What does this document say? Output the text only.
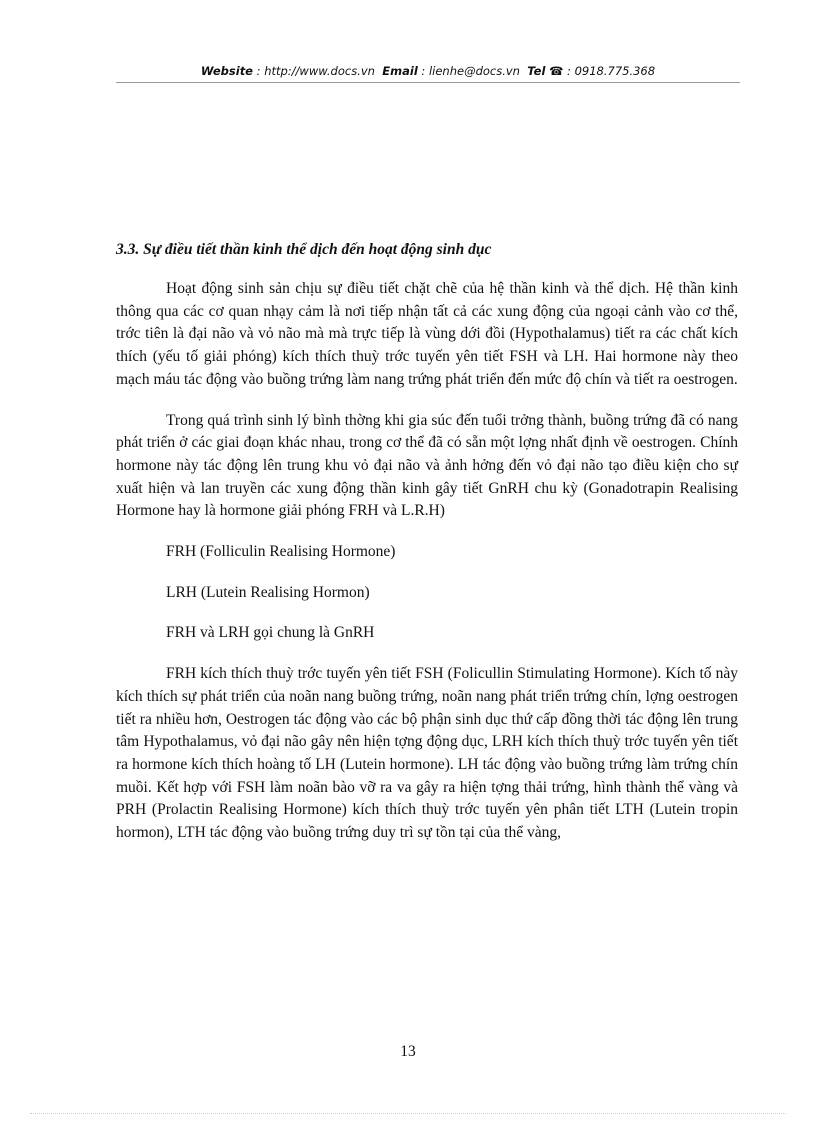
Website : http://www.docs.vn Email : lienhe@docs.vn Tel ☎ : 0918.775.368
3.3. Sự điều tiết thần kinh thể dịch đến hoạt động sinh dục

Hoạt động sinh sản chịu sự điều tiết chặt chẽ của hệ thần kinh và thể dịch. Hệ thần kinh thông qua các cơ quan nhạy cảm là nơi tiếp nhận tất cả các xung động của ngoại cảnh vào cơ thể, trớc tiên là đại não và vỏ não mà mà trực tiếp là vùng dới đồi (Hypothalamus) tiết ra các chất kích thích (yếu tố giải phóng) kích thích thuỳ trớc tuyến yên tiết FSH và LH. Hai hormone này theo mạch máu tác động vào buồng trứng làm nang trứng phát triển đến mức độ chín và tiết ra oestrogen.

Trong quá trình sinh lý bình thờng khi gia súc đến tuổi trởng thành, buồng trứng đã có nang phát triển ở các giai đoạn khác nhau, trong cơ thể đã có sẵn một lợng nhất định về oestrogen. Chính hormone này tác động lên trung khu vỏ đại não và ảnh hởng đến vỏ đại não tạo điều kiện cho sự xuất hiện và lan truyền các xung động thần kinh gây tiết GnRH chu kỳ (Gonadotrapin Realising Hormone hay là hormone giải phóng FRH và L.R.H)

FRH (Folliculin Realising Hormone)

LRH (Lutein Realising Hormon)

FRH và LRH gọi chung là GnRH

FRH kích thích thuỳ trớc tuyến yên tiết FSH (Folicullin Stimulating Hormone). Kích tố này kích thích sự phát triển của noãn nang buồng trứng, noãn nang phát triển trứng chín, lợng oestrogen tiết ra nhiều hơn, Oestrogen tác động vào các bộ phận sinh dục thứ cấp đồng thời tác động lên trung tâm Hypothalamus, vỏ đại não gây nên hiện tợng động dục, LRH kích thích thuỳ trớc tuyến yên tiết ra hormone kích thích hoàng tố LH (Lutein hormone). LH tác động vào buồng trứng làm trứng chín muồi. Kết hợp với FSH làm noãn bào vỡ ra va gây ra hiện tợng thải trứng, hình thành thể vàng và PRH (Prolactin Realising Hormone) kích thích thuỳ trớc tuyến yên phân tiết LTH (Lutein tropin hormon), LTH tác động vào buồng trứng duy trì sự tồn tại của thể vàng,

13
